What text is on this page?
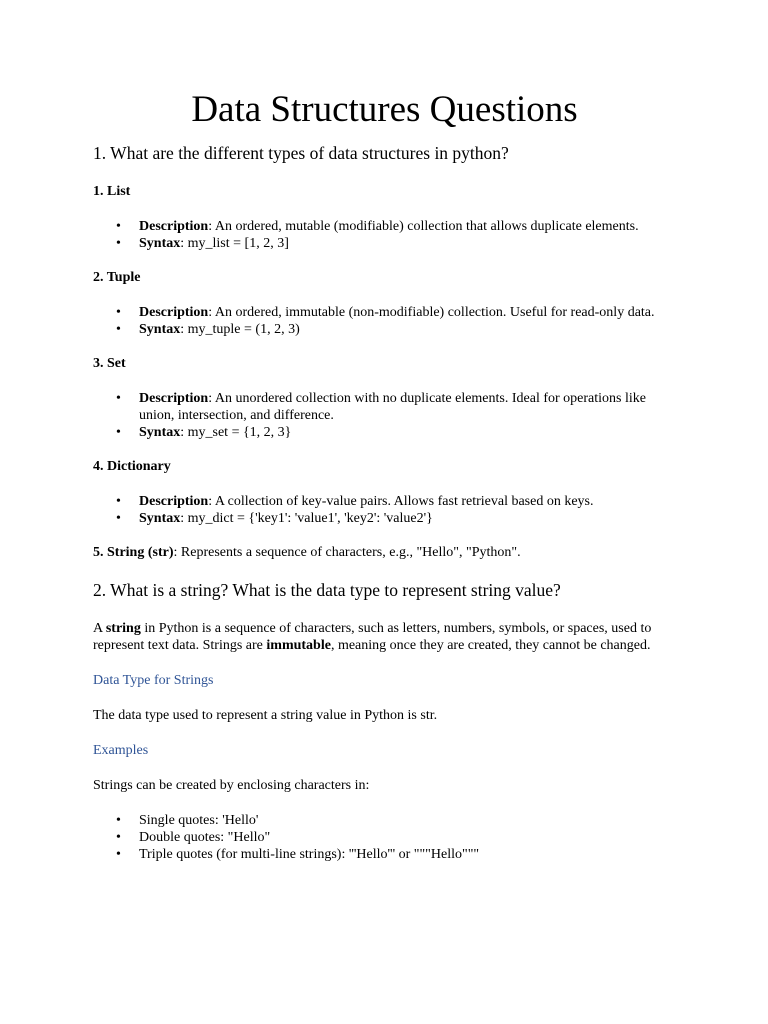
Data Structures Questions
1. What are the different types of data structures in python?

1. List

• Description: An ordered, mutable (modifiable) collection that allows duplicate elements.
• Syntax: my_list = [1, 2, 3]

2. Tuple

• Description: An ordered, immutable (non-modifiable) collection. Useful for read-only data.
• Syntax: my_tuple = (1, 2, 3)

3. Set

• Description: An unordered collection with no duplicate elements. Ideal for operations like union, intersection, and difference.
• Syntax: my_set = {1, 2, 3}

4. Dictionary

• Description: A collection of key-value pairs. Allows fast retrieval based on keys.
• Syntax: my_dict = {'key1': 'value1', 'key2': 'value2'}

5. String (str): Represents a sequence of characters, e.g., "Hello", "Python".

2. What is a string? What is the data type to represent string value?

A string in Python is a sequence of characters, such as letters, numbers, symbols, or spaces, used to represent text data. Strings are immutable, meaning once they are created, they cannot be changed.

Data Type for Strings

The data type used to represent a string value in Python is str.

Examples

Strings can be created by enclosing characters in:

• Single quotes: 'Hello'
• Double quotes: "Hello"
• Triple quotes (for multi-line strings): '''Hello''' or """Hello"""
